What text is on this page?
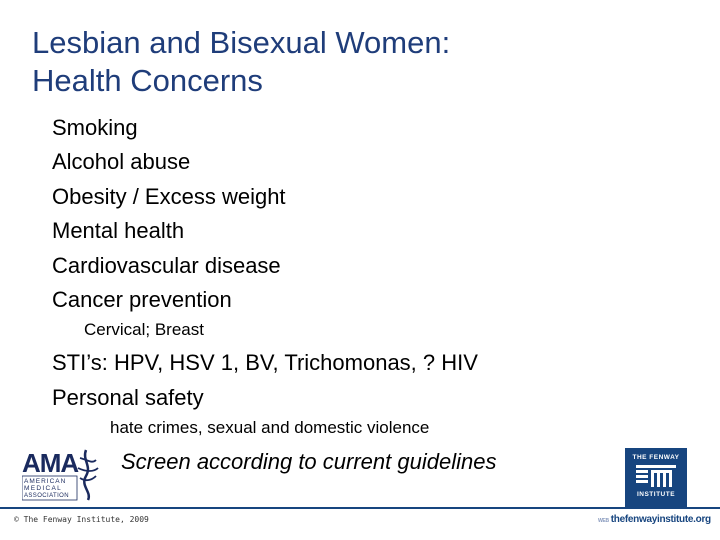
Lesbian and Bisexual Women:
Health Concerns
Smoking
Alcohol abuse
Obesity / Excess weight
Mental health
Cardiovascular disease
Cancer prevention
Cervical; Breast
STI’s: HPV, HSV 1, BV, Trichomonas, ? HIV
Personal safety
hate crimes, sexual and domestic violence
Screen according to current guidelines
AMA
AMERICAN
MEDICAL
ASSOCIATION
THE FENWAY
INSTITUTE
© The Fenway Institute, 2009	WEB thefenwayinstitute.org
